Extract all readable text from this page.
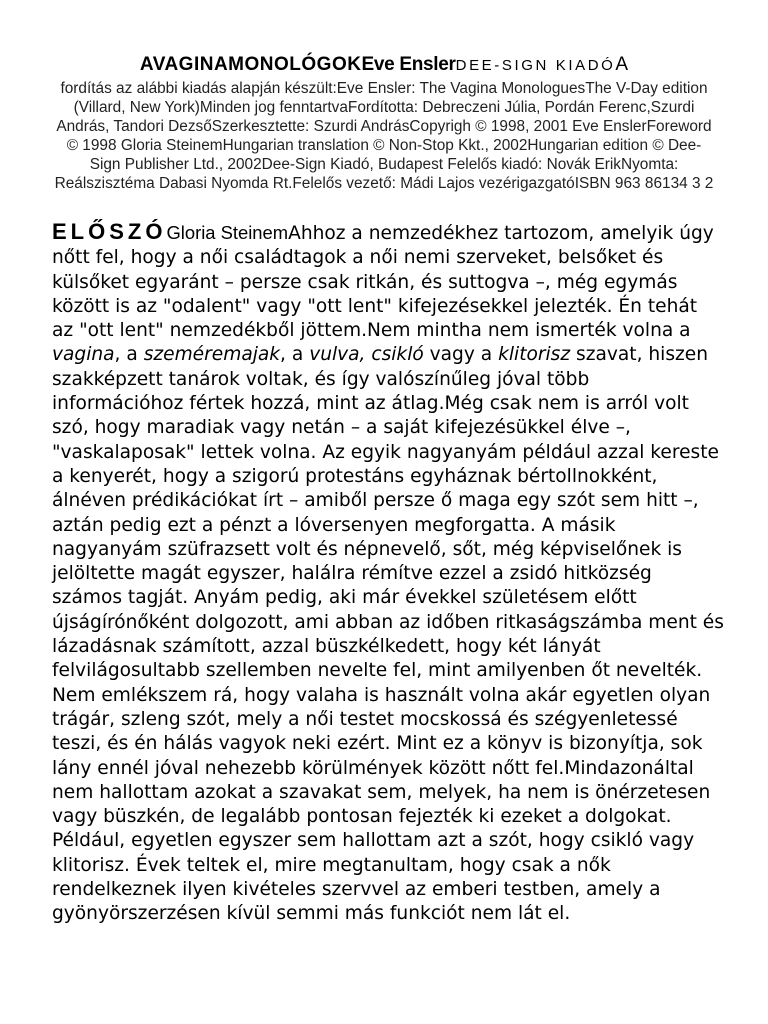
AVAGINAMONOLÓGOKEve EnslerDEE-SIGN KIADÓA
fordítás az alábbi kiadás alapján készült:Eve Ensler: The Vagina MonologuesThe V-Day edition (Villard, New York)Minden jog fenntartvaFordította: Debreczeni Júlia, Pordán Ferenc,Szurdi András, Tandori DezsőSzerkesztette: Szurdi AndrásCopyrigh © 1998, 2001 Eve EnslerForeword © 1998 Gloria SteinemHungarian translation © Non-Stop Kkt., 2002Hungarian edition © Dee-Sign Publisher Ltd., 2002Dee-Sign Kiadó, Budapest Felelős kiadó: Novák ErikNyomta: Reálszisztéma Dabasi Nyomda Rt.Felelős vezető: Mádi Lajos vezérigazgatóISBN 963 86134 3 2
ELŐSZÓGloria SteinemAhhoz a nemzedékhez tartozom, amelyik úgy nőtt fel, hogy a női családtagok a női nemi szerveket, belsőket és külsőket egyaránt – persze csak ritkán, és suttogva –, még egymás között is az "odalent" vagy "ott lent" kifejezésekkel jelezték. Én tehát az "ott lent" nemzedékből jöttem.Nem mintha nem ismerték volna a vagina, a szeméremajak, a vulva, csikló vagy a klitorisz szavat, hiszen szakképzett tanárok voltak, és így valószínűleg jóval több információhoz fértek hozzá, mint az átlag.Még csak nem is arról volt szó, hogy maradiak vagy netán – a saját kifejezésükkel élve –, "vaskalaposak" lettek volna. Az egyik nagyanyám például azzal kereste a kenyerét, hogy a szigorú protestáns egyháznak bértollnokként, álnéven prédikációkat írt – amiből persze ő maga egy szót sem hitt –, aztán pedig ezt a pénzt a lóversenyen megforgatta. A másik nagyanyám szüfrazsett volt és népnevelő, sőt, még képviselőnek is jelöltette magát egyszer, halálra rémítve ezzel a zsidó hitközség számos tagját. Anyám pedig, aki már évekkel születésem előtt újságírónőként dolgozott, ami abban az időben ritkaságszámba ment és lázadásnak számított, azzal büszkélkedett, hogy két lányát felvilágosultabb szellemben nevelte fel, mint amilyenben őt nevelték. Nem emlékszem rá, hogy valaha is használt volna akár egyetlen olyan trágár, szleng szót, mely a női testet mocskossá és szégyenletessé teszi, és én hálás vagyok neki ezért. Mint ez a könyv is bizonyítja, sok lány ennél jóval nehezebb körülmények között nőtt fel.Mindazonáltal nem hallottam azokat a szavakat sem, melyek, ha nem is önérzetesen vagy büszkén, de legalább pontosan fejezték ki ezeket a dolgokat. Például, egyetlen egyszer sem hallottam azt a szót, hogy csikló vagy klitorisz. Évek teltek el, mire megtanultam, hogy csak a nők rendelkeznek ilyen kivételes szervvel az emberi testben, amely a gyönyörszerzésen kívül semmi más funkciót nem lát el.
